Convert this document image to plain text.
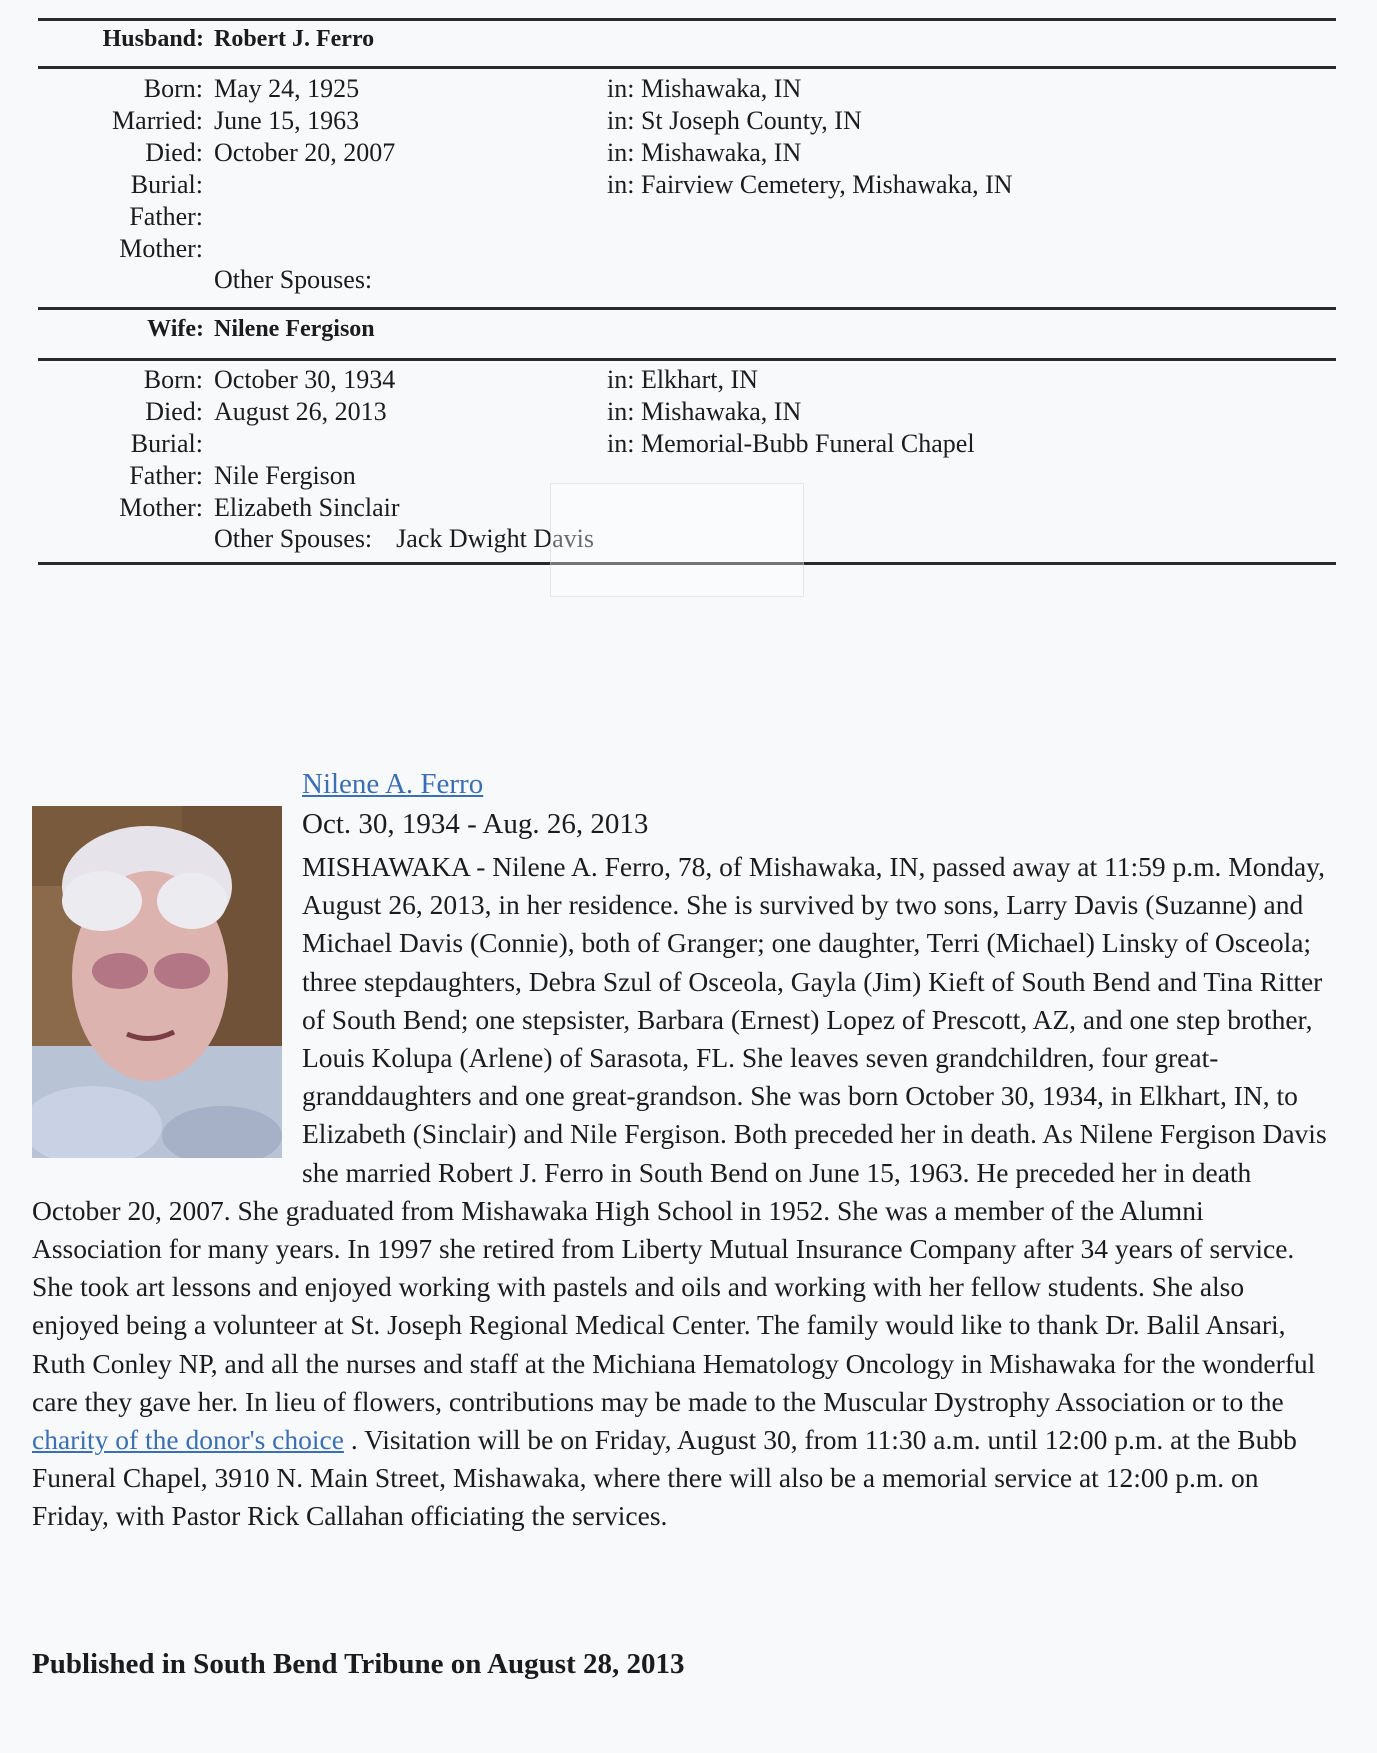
Husband: Robert J. Ferro
Born: May 24, 1925	in: Mishawaka, IN
Married: June 15, 1963	in: St Joseph County, IN
Died: October 20, 2007	in: Mishawaka, IN
Burial:	in: Fairview Cemetery, Mishawaka, IN
Father:
Mother:
Other Spouses:
Wife: Nilene Fergison
Born: October 30, 1934	in: Elkhart, IN
Died: August 26, 2013	in: Mishawaka, IN
Burial:	in: Memorial-Bubb Funeral Chapel
Father: Nile Fergison
Mother: Elizabeth Sinclair
Other Spouses: Jack Dwight Davis
Nilene A. Ferro
Oct. 30, 1934 - Aug. 26, 2013
MISHAWAKA - Nilene A. Ferro, 78, of Mishawaka, IN, passed away at 11:59 p.m. Monday, August 26, 2013, in her residence. She is survived by two sons, Larry Davis (Suzanne) and Michael Davis (Connie), both of Granger; one daughter, Terri (Michael) Linsky of Osceola; three stepdaughters, Debra Szul of Osceola, Gayla (Jim) Kieft of South Bend and Tina Ritter of South Bend; one stepsister, Barbara (Ernest) Lopez of Prescott, AZ, and one step brother, Louis Kolupa (Arlene) of Sarasota, FL. She leaves seven grandchildren, four great-granddaughters and one great-grandson. She was born October 30, 1934, in Elkhart, IN, to Elizabeth (Sinclair) and Nile Fergison. Both preceded her in death. As Nilene Fergison Davis she married Robert J. Ferro in South Bend on June 15, 1963. He preceded her in death October 20, 2007. She graduated from Mishawaka High School in 1952. She was a member of the Alumni Association for many years. In 1997 she retired from Liberty Mutual Insurance Company after 34 years of service. She took art lessons and enjoyed working with pastels and oils and working with her fellow students. She also enjoyed being a volunteer at St. Joseph Regional Medical Center. The family would like to thank Dr. Balil Ansari, Ruth Conley NP, and all the nurses and staff at the Michiana Hematology Oncology in Mishawaka for the wonderful care they gave her. In lieu of flowers, contributions may be made to the Muscular Dystrophy Association or to the charity of the donor's choice . Visitation will be on Friday, August 30, from 11:30 a.m. until 12:00 p.m. at the Bubb Funeral Chapel, 3910 N. Main Street, Mishawaka, where there will also be a memorial service at 12:00 p.m. on Friday, with Pastor Rick Callahan officiating the services.
Published in South Bend Tribune on August 28, 2013
